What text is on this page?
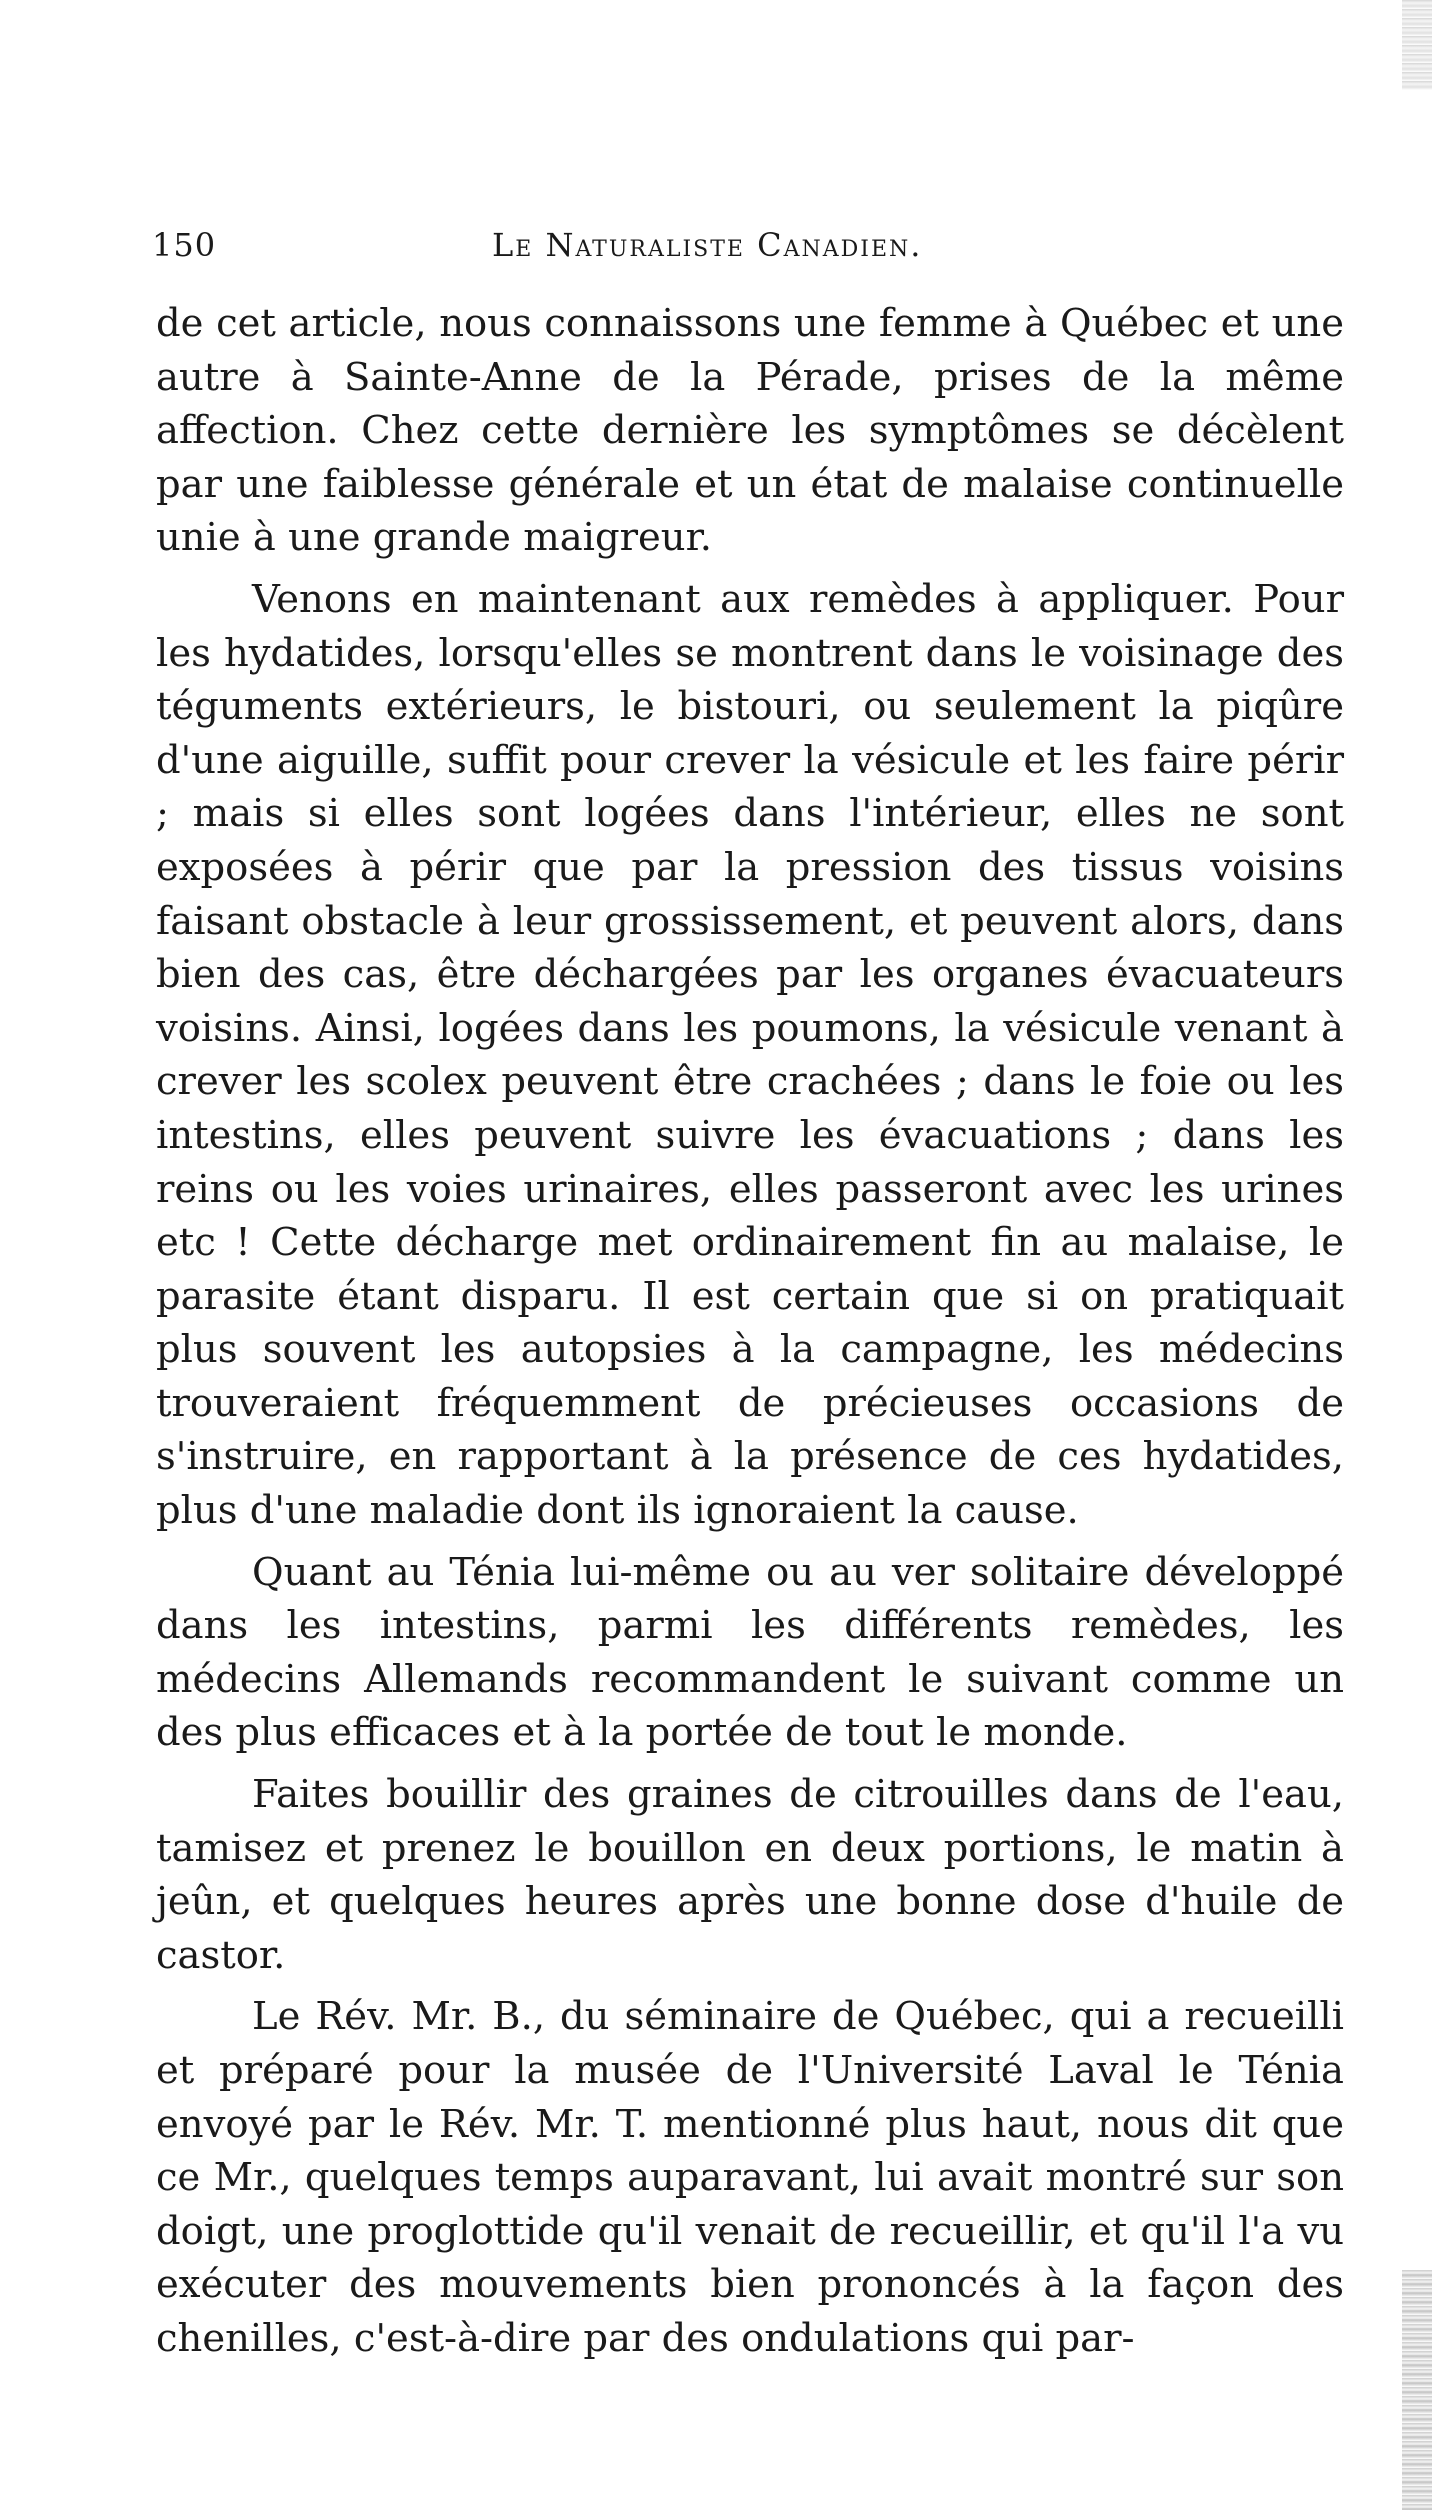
150	Le Naturaliste Canadien.

de cet article, nous connaissons une femme à Québec et une autre à Sainte-Anne de la Pérade, prises de la même affection. Chez cette dernière les symptômes se décèlent par une faiblesse générale et un état de malaise continuelle unie à une grande maigreur.

Venons en maintenant aux remèdes à appliquer. Pour les hydatides, lorsqu'elles se montrent dans le voisinage des téguments extérieurs, le bistouri, ou seulement la piqûre d'une aiguille, suffit pour crever la vésicule et les faire périr ; mais si elles sont logées dans l'intérieur, elles ne sont exposées à périr que par la pression des tissus voisins faisant obstacle à leur grossissement, et peuvent alors, dans bien des cas, être déchargées par les organes évacuateurs voisins. Ainsi, logées dans les poumons, la vésicule venant à crever les scolex peuvent être crachées ; dans le foie ou les intestins, elles peuvent suivre les évacuations ; dans les reins ou les voies urinaires, elles passeront avec les urines etc ! Cette décharge met ordinairement fin au malaise, le parasite étant disparu. Il est certain que si on pratiquait plus souvent les autopsies à la campagne, les médecins trouveraient fréquemment de précieuses occasions de s'instruire, en rapportant à la présence de ces hydatides, plus d'une maladie dont ils ignoraient la cause.

Quant au Ténia lui-même ou au ver solitaire développé dans les intestins, parmi les différents remèdes, les médecins Allemands recommandent le suivant comme un des plus efficaces et à la portée de tout le monde.

Faites bouillir des graines de citrouilles dans de l'eau, tamisez et prenez le bouillon en deux portions, le matin à jeûn, et quelques heures après une bonne dose d'huile de castor.

Le Rév. Mr. B., du séminaire de Québec, qui a recueilli et préparé pour la musée de l'Université Laval le Ténia envoyé par le Rév. Mr. T. mentionné plus haut, nous dit que ce Mr., quelques temps auparavant, lui avait montré sur son doigt, une proglottide qu'il venait de recueillir, et qu'il l'a vu exécuter des mouvements bien prononcés à la façon des chenilles, c'est-à-dire par des ondulations qui par-
